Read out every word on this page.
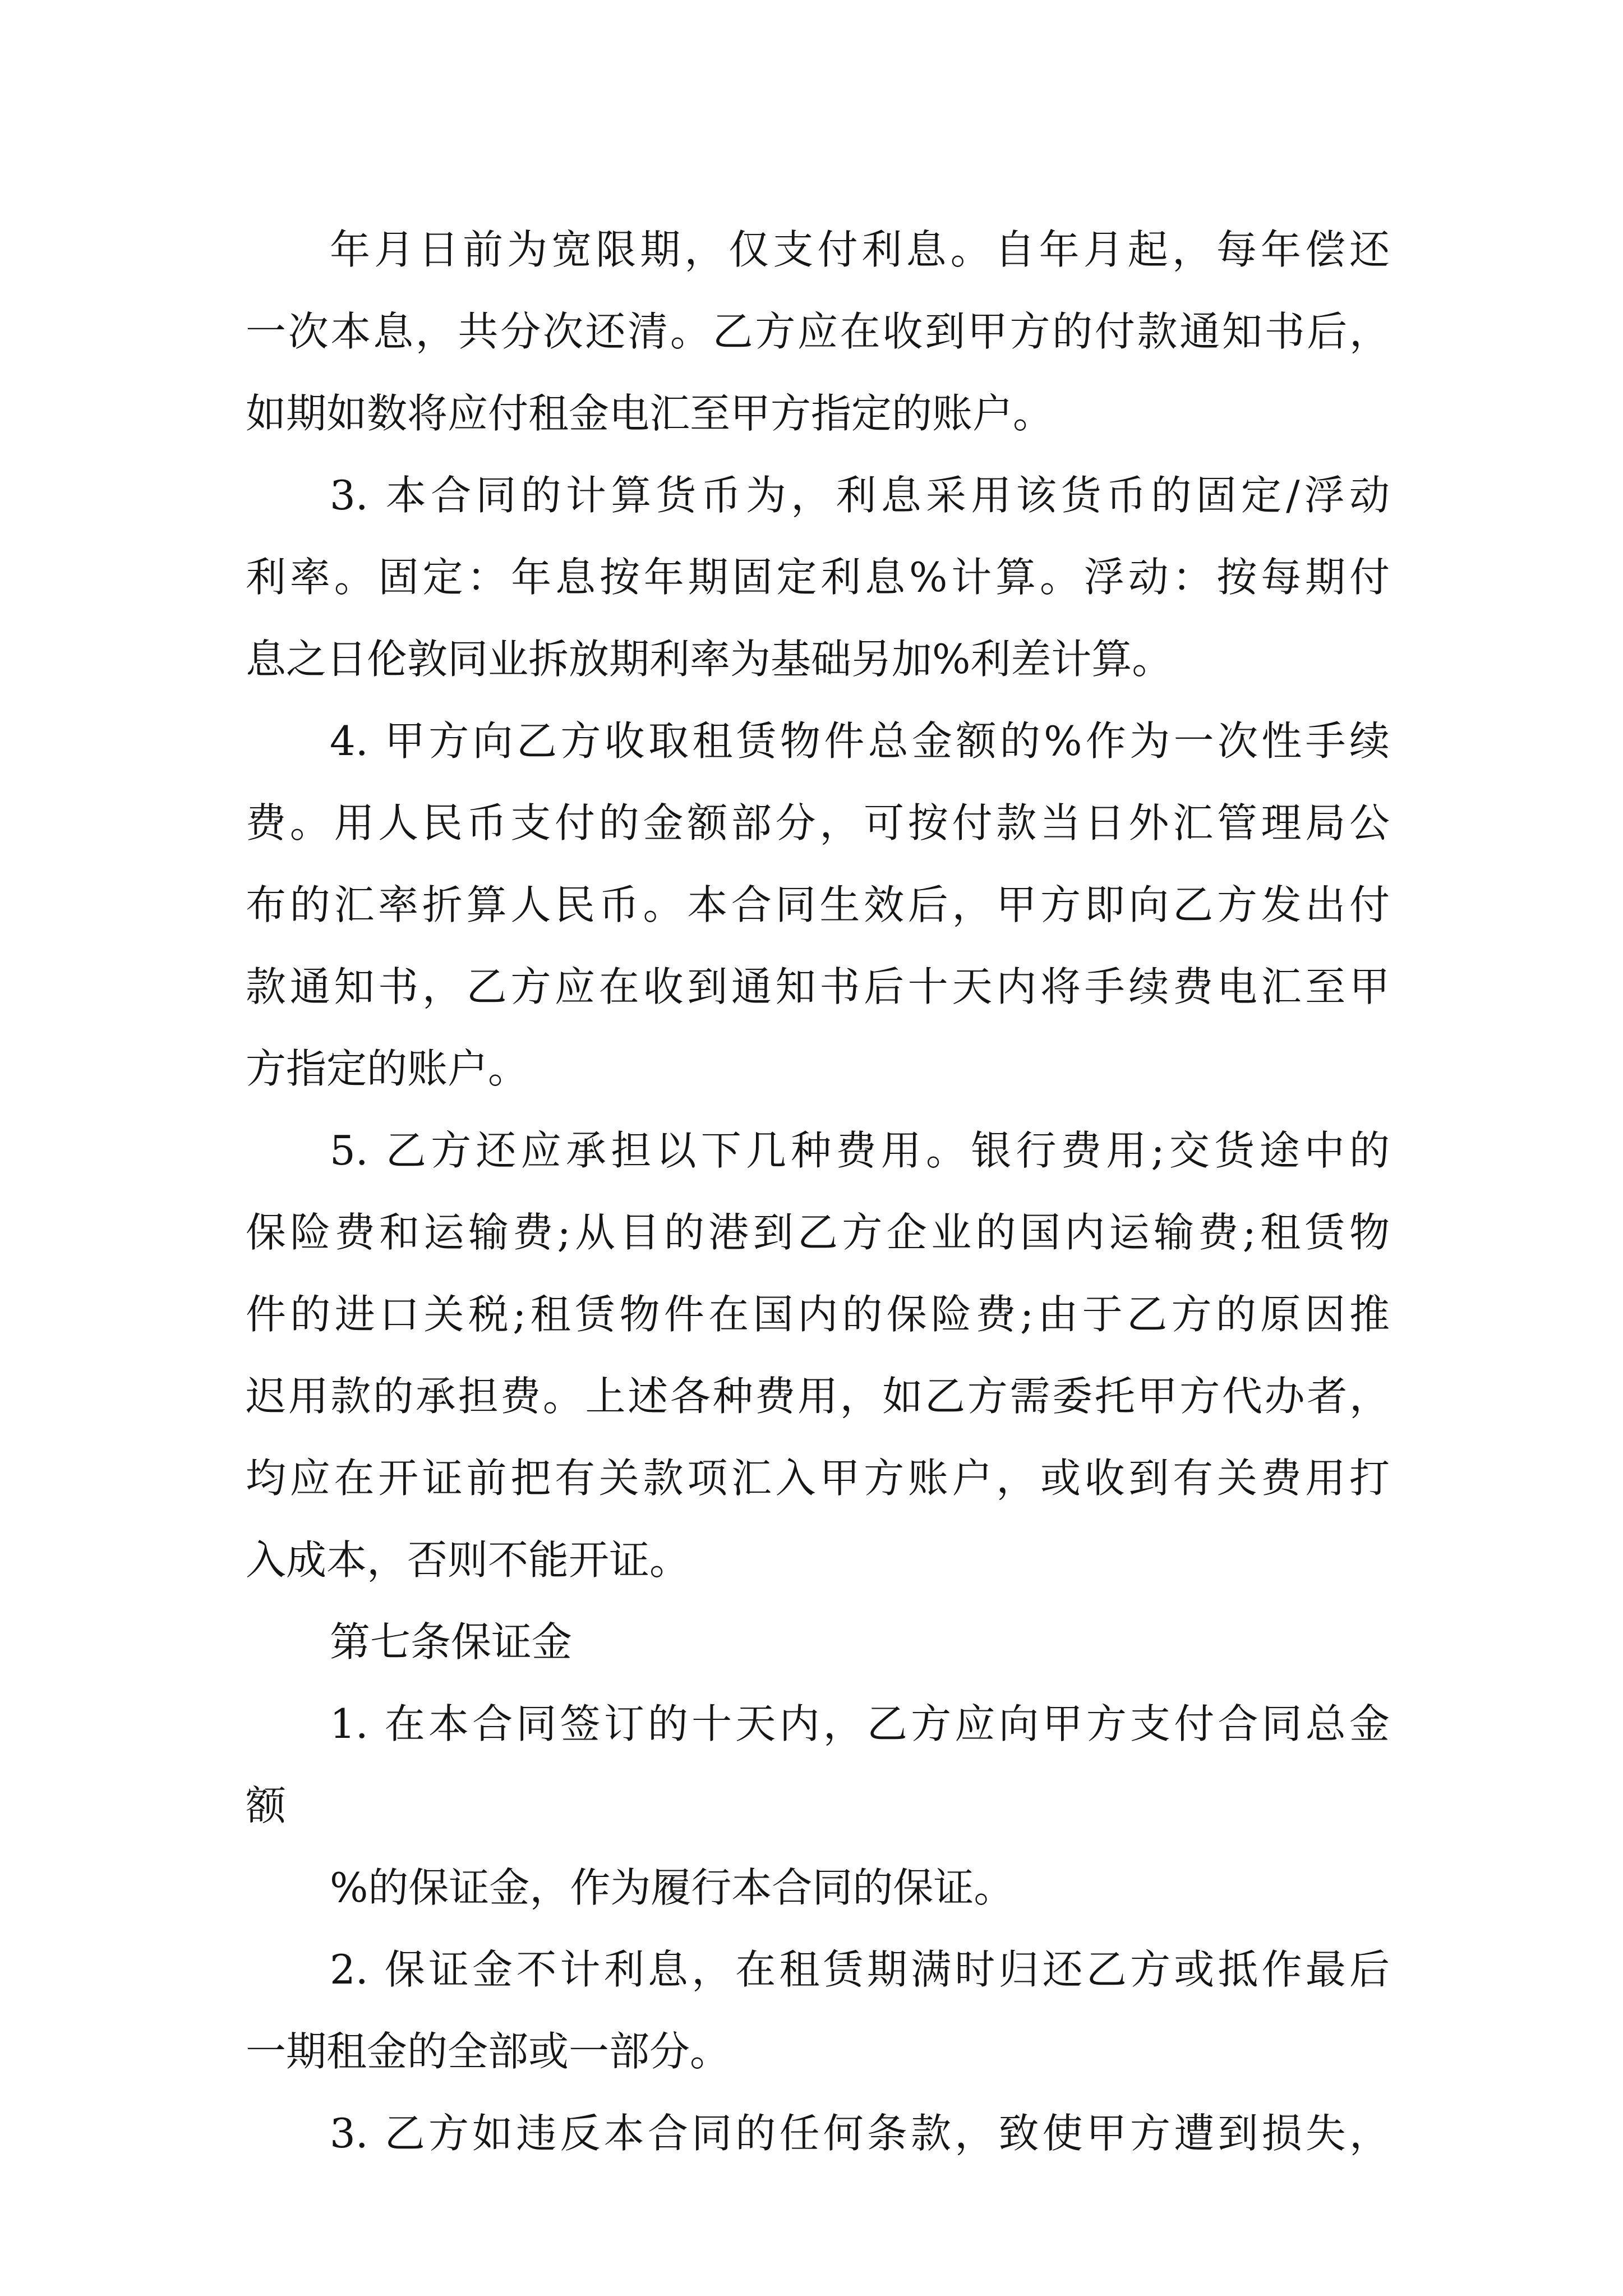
年月日前为宽限期，仅支付利息。自年月起，每年偿还
一次本息，共分次还清。乙方应在收到甲方的付款通知书后，
如期如数将应付租金电汇至甲方指定的账户。
3. 本合同的计算货币为，利息采用该货币的固定/浮动
利率。固定：年息按年期固定利息%计算。浮动：按每期付
息之日伦敦同业拆放期利率为基础另加%利差计算。
4. 甲方向乙方收取租赁物件总金额的%作为一次性手续
费。用人民币支付的金额部分，可按付款当日外汇管理局公
布的汇率折算人民币。本合同生效后，甲方即向乙方发出付
款通知书，乙方应在收到通知书后十天内将手续费电汇至甲
方指定的账户。
5. 乙方还应承担以下几种费用。银行费用;交货途中的
保险费和运输费;从目的港到乙方企业的国内运输费;租赁物
件的进口关税;租赁物件在国内的保险费;由于乙方的原因推
迟用款的承担费。上述各种费用，如乙方需委托甲方代办者，
均应在开证前把有关款项汇入甲方账户，或收到有关费用打
入成本，否则不能开证。
第七条保证金
1. 在本合同签订的十天内，乙方应向甲方支付合同总金
额
%的保证金，作为履行本合同的保证。
2. 保证金不计利息，在租赁期满时归还乙方或抵作最后
一期租金的全部或一部分。
3. 乙方如违反本合同的任何条款，致使甲方遭到损失，
